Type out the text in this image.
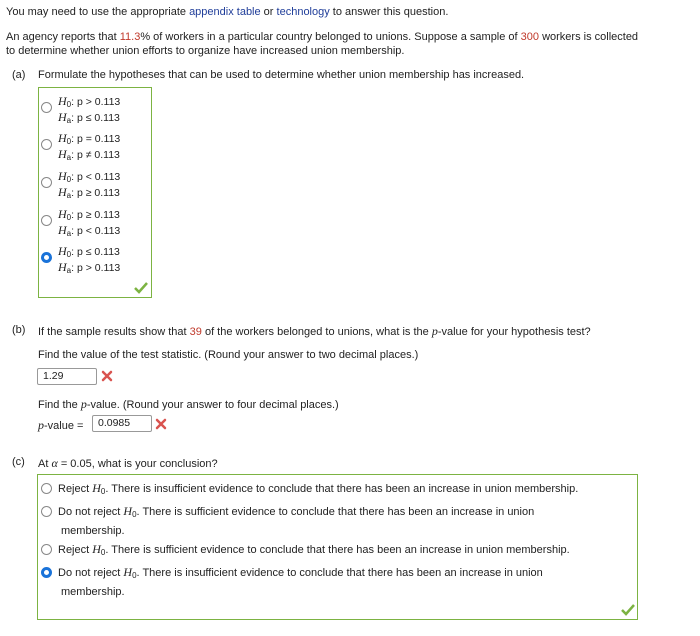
You may need to use the appropriate appendix table or technology to answer this question.
An agency reports that 11.3% of workers in a particular country belonged to unions. Suppose a sample of 300 workers is collected
to determine whether union efforts to organize have increased union membership.
(a) Formulate the hypotheses that can be used to determine whether union membership has increased.
$H_0$: p > 0.113
$H_a$: p ≤ 0.113
$H_0$: p = 0.113
$H_a$: p ≠ 0.113
$H_0$: p < 0.113
$H_a$: p ≥ 0.113
$H_0$: p ≥ 0.113
$H_a$: p < 0.113
$H_0$: p ≤ 0.113
$H_a$: p > 0.113
(b) If the sample results show that 39 of the workers belonged to unions, what is the p-value for your hypothesis test?
Find the value of the test statistic. (Round your answer to two decimal places.)
1.29
Find the p-value. (Round your answer to four decimal places.)
p-value =	0.0985
(c) At α = 0.05, what is your conclusion?
Reject $H_0$. There is insufficient evidence to conclude that there has been an increase in union membership.
Do not reject $H_0$. There is sufficient evidence to conclude that there has been an increase in union
membership.
Reject $H_0$. There is sufficient evidence to conclude that there has been an increase in union membership.
Do not reject $H_0$. There is insufficient evidence to conclude that there has been an increase in union
membership.
